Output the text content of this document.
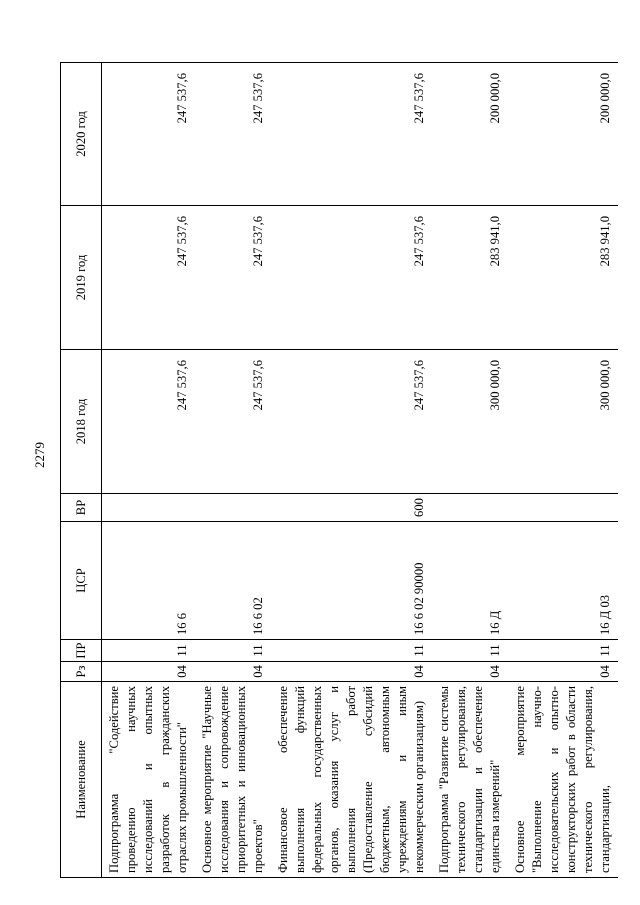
2279
Наименование	Рз	ПР	ЦСР	ВР	2018 год	2019 год	2020 год
Подпрограмма "Содействие проведению научных исследований и опытных разработок в гражданских отраслях промышленности"	04	11	16 6		247 537,6	247 537,6	247 537,6
Основное мероприятие "Научные исследования и сопровождение приоритетных и инновационных проектов"	04	11	16 6 02		247 537,6	247 537,6	247 537,6
Финансовое обеспечение выполнения функций федеральных государственных органов, оказания услуг и выполнения работ (Предоставление субсидий бюджетным, автономным учреждениям и иным некоммерческим организациям)	04	11	16 6 02 90000	600	247 537,6	247 537,6	247 537,6
Подпрограмма "Развитие системы технического регулирования, стандартизации и обеспечение единства измерений"	04	11	16 Д		300 000,0	283 941,0	200 000,0
Основное мероприятие "Выполнение научно-исследовательских и опытно-конструкторских работ в области технического регулирования, стандартизации,	04	11	16 Д 03		300 000,0	283 941,0	200 000,0
